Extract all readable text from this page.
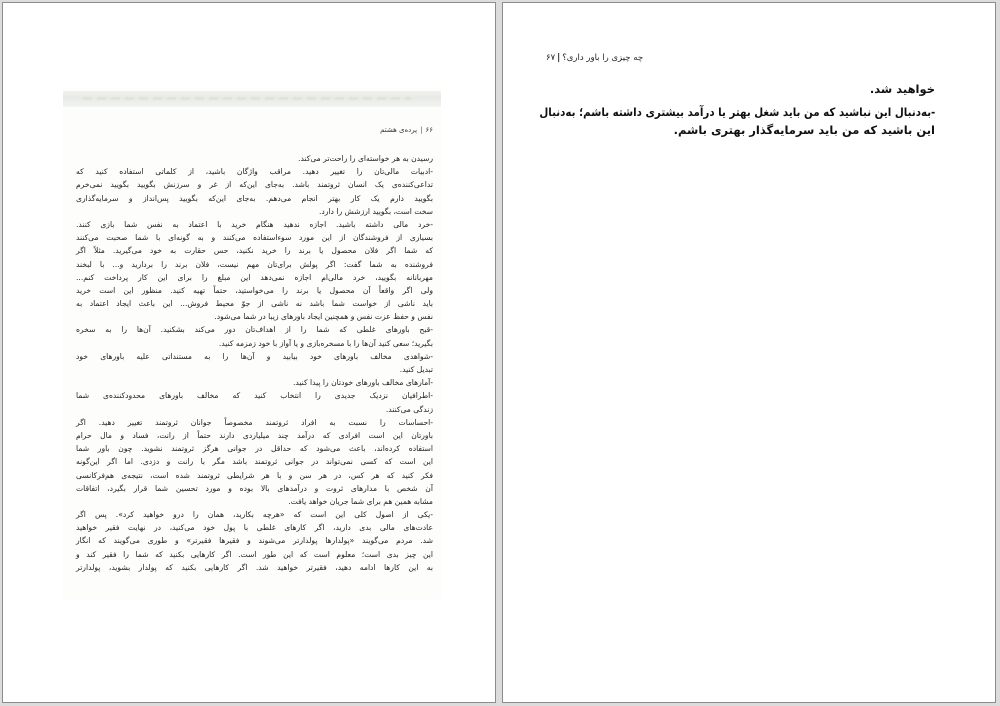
۶۶|پرده‌ی هشتم
رسیدن به هر خواسته‌ای را راحت‌تر می‌کند.
-ادبیات مالی‌تان را تغییر دهید. مراقب واژگان باشید، از کلماتی استفاده کنید که
تداعی‌کننده‌ی یک انسان ثروتمند باشد. به‌جای این‌که از غر و سرزنش بگویید بگویید نمی‌خرم
بگویید دارم یک کار بهتر انجام می‌دهم. به‌جای این‌که بگویید پس‌انداز و سرمایه‌گذاری
سخت است، بگویید ارزشش را دارد.
-خرد مالی داشته باشید. اجازه ندهید هنگام خرید با اعتماد به نفس شما بازی کنند.
بسیاری از فروشندگان از این مورد سوءاستفاده می‌کنند و به گونه‌ای با شما صحبت می‌کنند
که شما اگر فلان محصول یا برند را خرید نکنید، حس حقارت به خود می‌گیرید. مثلاً اگر
فروشنده به شما گفت: اگر پولش برای‌تان مهم نیست، فلان برند را بردارید و... با لبخند
مهربانانه بگویید، خرد مالی‌ام اجازه نمی‌دهد این مبلغ را برای این کار پرداخت کنم...
ولی اگر واقعاً آن محصول یا برند را می‌خواستید، حتماً تهیه کنید. منظور این است خرید
باید ناشی از خواست شما باشد نه ناشی از جوّ محیط فروش... این باعث ایجاد اعتماد به
نفس و حفظ عزت نفس و همچنین ایجاد باورهای زیبا در شما می‌شود.
-قبح باورهای غلطی که شما را از اهداف‌تان دور می‌کند بشکنید. آن‌ها را به سخره
بگیرید؛ سعی کنید آن‌ها را با مسخره‌بازی و یا آواز با خود زمزمه کنید.
-شواهدی مخالف باورهای خود بیابید و آن‌ها را به مستنداتی علیه باورهای خود
تبدیل کنید.
-آمارهای مخالف باورهای خودتان را پیدا کنید.
-اطرافیان نزدیک جدیدی را انتخاب کنید که مخالف باورهای محدودکننده‌ی شما
زندگی می‌کنند.
-احساسات را نسبت به افراد ثروتمند مخصوصاً جوانان ثروتمند تغییر دهید. اگر
باورتان این است افرادی که درآمد چند میلیاردی دارند حتماً از رانت، فساد و مال حرام
استفاده کرده‌اند، باعث می‌شود که حداقل در جوانی هرگز ثروتمند نشوید. چون باور شما
این است که کسی نمی‌تواند در جوانی ثروتمند باشد مگر با رانت و دزدی. اما اگر این‌گونه
فکر کنید که هر کس، در هر سن و با هر شرایطی ثروتمند شده است، نتیجه‌ی هم‌فرکانسی
آن شخص با مدارهای ثروت و درآمدهای بالا بوده و مورد تحسین شما قرار بگیرد، اتفاقات
مشابه همین هم برای شما جریان خواهد یافت.
-یکی از اصول کلی این است که «هرچه بکارید، همان را درو خواهید کرد». پس اگر
عادت‌های مالی بدی دارید، اگر کارهای غلطی با پول خود می‌کنید، در نهایت فقیر خواهید
شد. مردم می‌گویند «پولدارها پولدارتر می‌شوند و فقیرها فقیرتر» و طوری می‌گویند که انگار
این چیز بدی است؛ معلوم است که این طور است. اگر کارهایی بکنید که شما را فقیر کند و
به این کارها ادامه دهید، فقیرتر خواهید شد. اگر کارهایی بکنید که پولدار بشوید، پولدارتر
چه چیزی را باور داری؟|۶۷
خواهید شد.
-به‌دنبال این نباشید که من باید شغل بهتر یا درآمد بیشتری داشته باشم؛ به‌دنبال
این باشید که من باید سرمایه‌گذار بهتری باشم.
